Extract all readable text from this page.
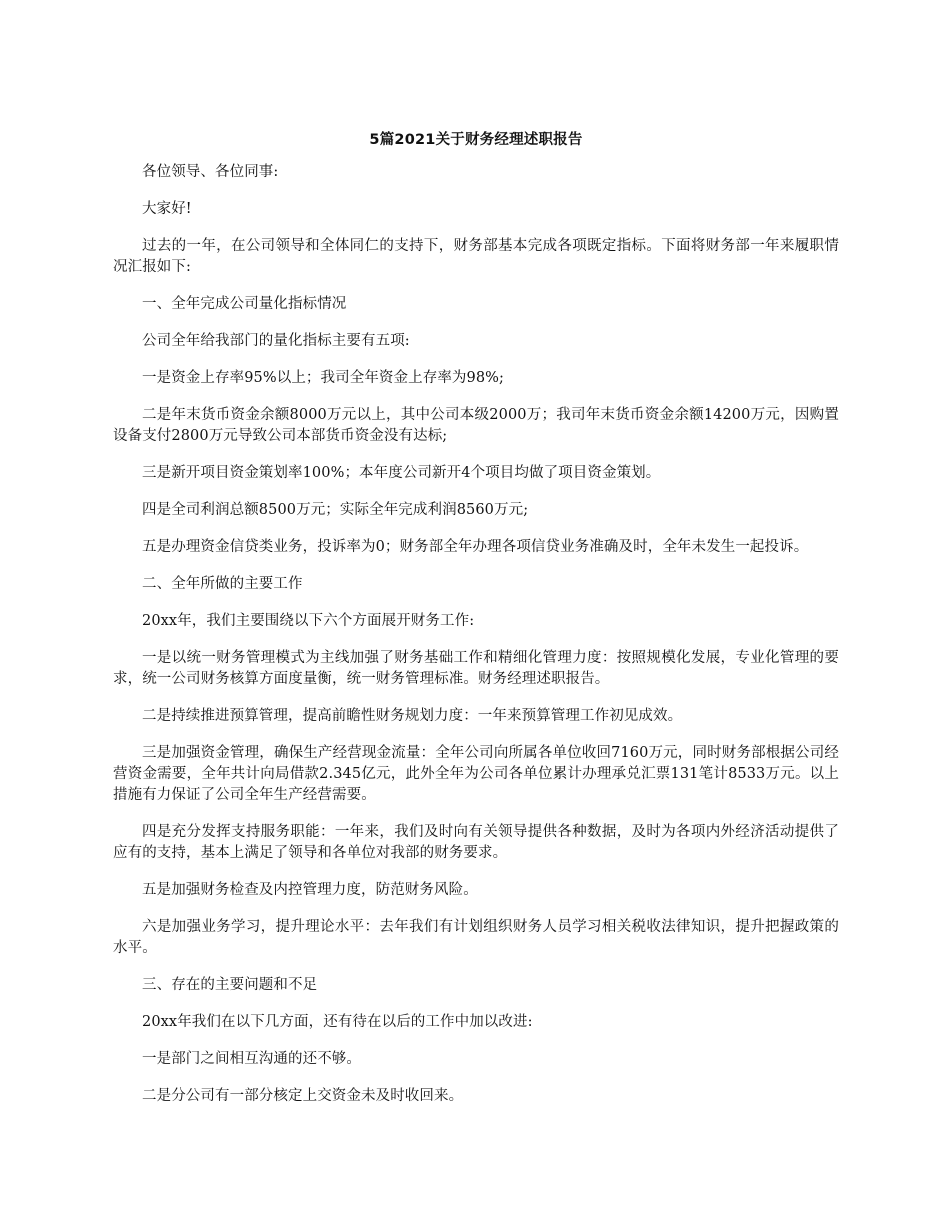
5篇2021关于财务经理述职报告

各位领导、各位同事:

大家好!

过去的一年，在公司领导和全体同仁的支持下，财务部基本完成各项既定指标。下面将财务部一年来履职情况汇报如下:

一、全年完成公司量化指标情况

公司全年给我部门的量化指标主要有五项:

一是资金上存率95%以上；我司全年资金上存率为98%;

二是年末货币资金余额8000万元以上，其中公司本级2000万；我司年末货币资金余额14200万元，因购置设备支付2800万元导致公司本部货币资金没有达标;

三是新开项目资金策划率100%；本年度公司新开4个项目均做了项目资金策划。

四是全司利润总额8500万元；实际全年完成利润8560万元;

五是办理资金信贷类业务，投诉率为0；财务部全年办理各项信贷业务准确及时，全年未发生一起投诉。

二、全年所做的主要工作

20xx年，我们主要围绕以下六个方面展开财务工作:

一是以统一财务管理模式为主线加强了财务基础工作和精细化管理力度：按照规模化发展，专业化管理的要求，统一公司财务核算方面度量衡，统一财务管理标准。财务经理述职报告。

二是持续推进预算管理，提高前瞻性财务规划力度：一年来预算管理工作初见成效。

三是加强资金管理，确保生产经营现金流量：全年公司向所属各单位收回7160万元，同时财务部根据公司经营资金需要，全年共计向局借款2.345亿元，此外全年为公司各单位累计办理承兑汇票131笔计8533万元。以上措施有力保证了公司全年生产经营需要。

四是充分发挥支持服务职能：一年来，我们及时向有关领导提供各种数据，及时为各项内外经济活动提供了应有的支持，基本上满足了领导和各单位对我部的财务要求。

五是加强财务检查及内控管理力度，防范财务风险。

六是加强业务学习，提升理论水平：去年我们有计划组织财务人员学习相关税收法律知识，提升把握政策的水平。

三、存在的主要问题和不足

20xx年我们在以下几方面，还有待在以后的工作中加以改进:

一是部门之间相互沟通的还不够。

二是分公司有一部分核定上交资金未及时收回来。
